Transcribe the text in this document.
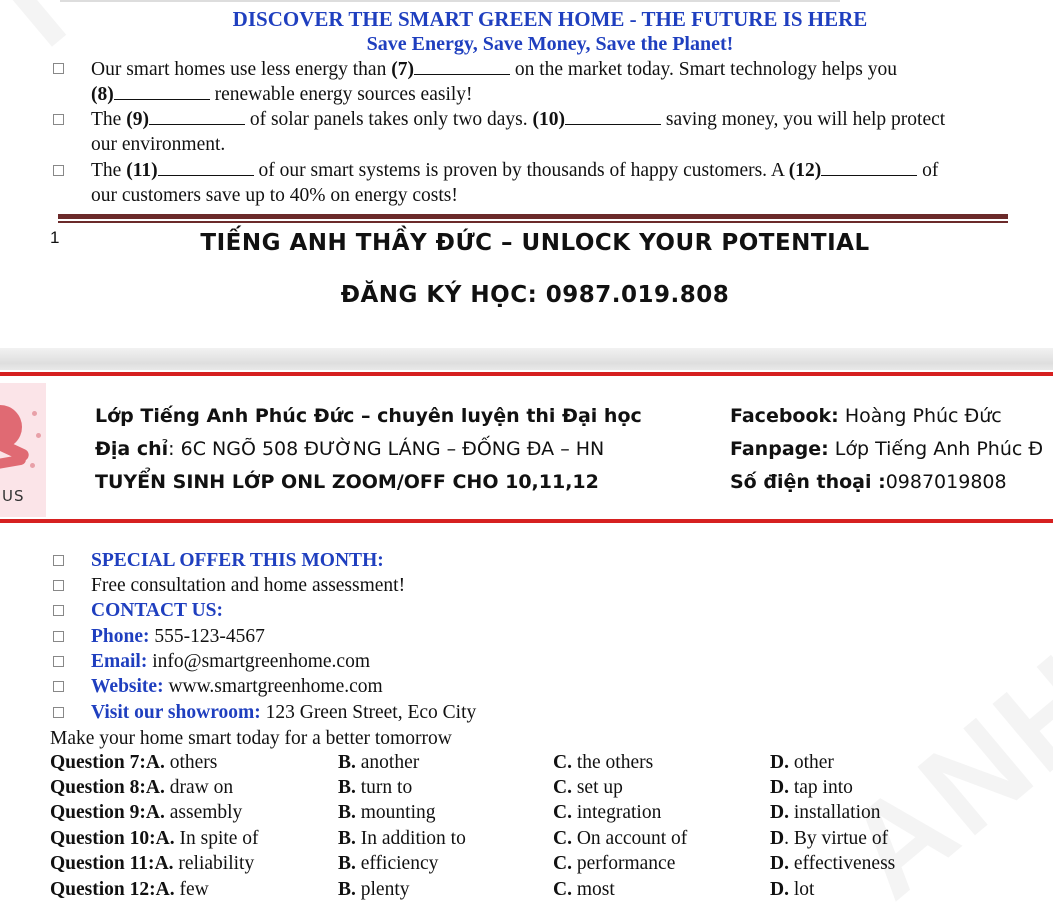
DISCOVER THE SMART GREEN HOME - THE FUTURE IS HERE
Save Energy, Save Money, Save the Planet!
Our smart homes use less energy than (7)	on the market today. Smart technology helps you
(8)	renewable energy sources easily!
The (9)	of solar panels takes only two days. (10)	saving money, you will help protect
our environment.
The (11)	of our smart systems is proven by thousands of happy customers. A (12)	of
our customers save up to 40% on energy costs!
1	TIẾNG ANH THẦY ĐỨC – UNLOCK YOUR POTENTIAL
ĐĂNG KÝ HỌC: 0987.019.808
US
Lớp Tiếng Anh Phúc Đức – chuyên luyện thi Đại học
Địa chỉ: 6C NGÕ 508 ĐƯỜNG LÁNG – ĐỐNG ĐA – HN
TUYỂN SINH LỚP ONL ZOOM/OFF CHO 10,11,12
Facebook: Hoàng Phúc Đức
Fanpage: Lớp Tiếng Anh Phúc Đ
Số điện thoại :0987019808
SPECIAL OFFER THIS MONTH:
Free consultation and home assessment!
CONTACT US:
Phone: 555-123-4567
Email: info@smartgreenhome.com
Website: www.smartgreenhome.com
Visit our showroom: 123 Green Street, Eco City
Make your home smart today for a better tomorrow
Question 7:A. others	B. another	C. the others	D. other
Question 8:A. draw on	B. turn to	C. set up	D. tap into
Question 9:A. assembly	B. mounting	C. integration	D. installation
Question 10:A. In spite of	B. In addition to	C. On account of	D. By virtue of
Question 11:A. reliability	B. efficiency	C. performance	D. effectiveness
Question 12:A. few	B. plenty	C. most	D. lot
